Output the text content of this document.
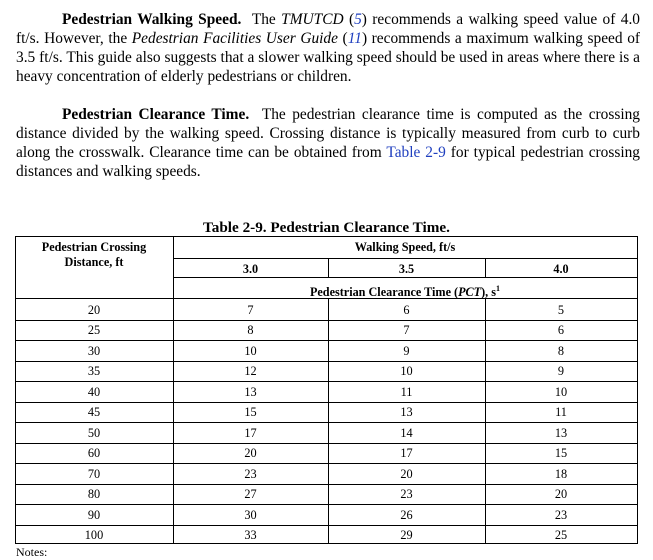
Pedestrian Walking Speed. The TMUTCD (5) recommends a walking speed value of 4.0 ft/s. However, the Pedestrian Facilities User Guide (11) recommends a maximum walking speed of 3.5 ft/s. This guide also suggests that a slower walking speed should be used in areas where there is a heavy concentration of elderly pedestrians or children.

Pedestrian Clearance Time. The pedestrian clearance time is computed as the crossing distance divided by the walking speed. Crossing distance is typically measured from curb to curb along the crosswalk. Clearance time can be obtained from Table 2-9 for typical pedestrian crossing distances and walking speeds.

Table 2-9. Pedestrian Clearance Time.
Pedestrian Crossing
Distance, ft
Walking Speed, ft/s
3.0	3.5	4.0
Pedestrian Clearance Time (PCT), $s^1$
20	7	6	5
25	8	7	6
30	10	9	8
35	12	10	9
40	13	11	10
45	15	13	11
50	17	14	13
60	20	17	15
70	23	20	18
80	27	23	20
90	30	26	23
100	33	29	25
Notes:
